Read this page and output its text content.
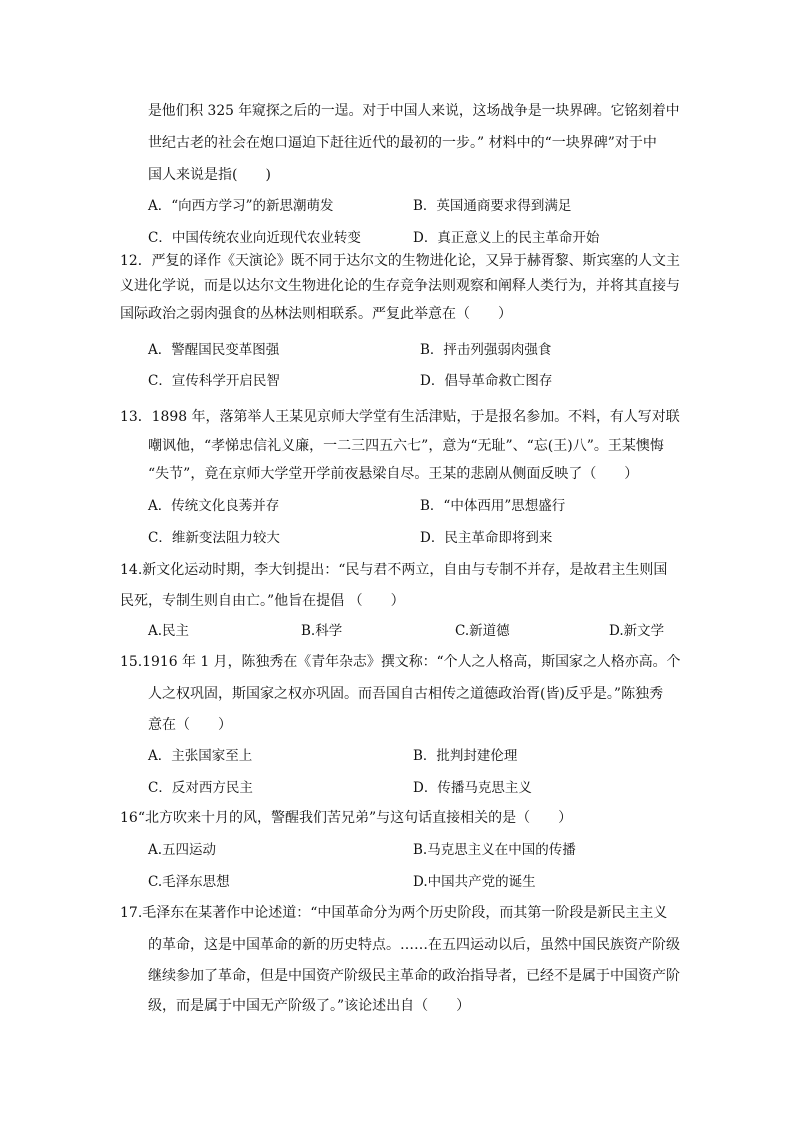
是他们积 325 年窥探之后的一逞。对于中国人来说，这场战争是一块界碑。它铭刻着中
世纪古老的社会在炮口逼迫下赶往近代的最初的一步。” 材料中的“一块界碑”对于中
国人来说是指(　　)
A．“向西方学习”的新思潮萌发	B．英国通商要求得到满足
C．中国传统农业向近现代农业转变	D．真正意义上的民主革命开始
12．严复的译作《天演论》既不同于达尔文的生物进化论，又异于赫胥黎、斯宾塞的人文主
义进化学说，而是以达尔文生物进化论的生存竞争法则观察和阐释人类行为，并将其直接与
国际政治之弱肉强食的丛林法则相联系。严复此举意在（　　）
A．警醒国民变革图强	B．抨击列强弱肉强食
C．宣传科学开启民智	D．倡导革命救亡图存
13．1898 年，落第举人王某见京师大学堂有生活津贴，于是报名参加。不料，有人写对联
嘲讽他，“孝悌忠信礼义廉，一二三四五六七”，意为“无耻”、“忘(王)八”。王某懊悔
“失节”，竟在京师大学堂开学前夜悬梁自尽。王某的悲剧从侧面反映了（　　）
A．传统文化良莠并存	B．“中体西用”思想盛行
C．维新变法阻力较大	D．民主革命即将到来
14.新文化运动时期，李大钊提出：“民与君不两立，自由与专制不并存，是故君主生则国
民死，专制生则自由亡。”他旨在提倡 （　　）
A.民主	B.科学	C.新道德	D.新文学
15.1916 年 1 月，陈独秀在《青年杂志》撰文称：“个人之人格高，斯国家之人格亦高。个
人之权巩固，斯国家之权亦巩固。而吾国自古相传之道德政治胥(皆)反乎是。”陈独秀
意在（　　）
A．主张国家至上	B．批判封建伦理
C．反对西方民主	D．传播马克思主义
16“北方吹来十月的风，警醒我们苦兄弟”与这句话直接相关的是（　　）
A.五四运动	B.马克思主义在中国的传播
C.毛泽东思想	D.中国共产党的诞生
17.毛泽东在某著作中论述道：“中国革命分为两个历史阶段，而其第一阶段是新民主主义
的革命，这是中国革命的新的历史特点。……在五四运动以后，虽然中国民族资产阶级
继续参加了革命，但是中国资产阶级民主革命的政治指导者，已经不是属于中国资产阶
级，而是属于中国无产阶级了。”该论述出自（　　）
